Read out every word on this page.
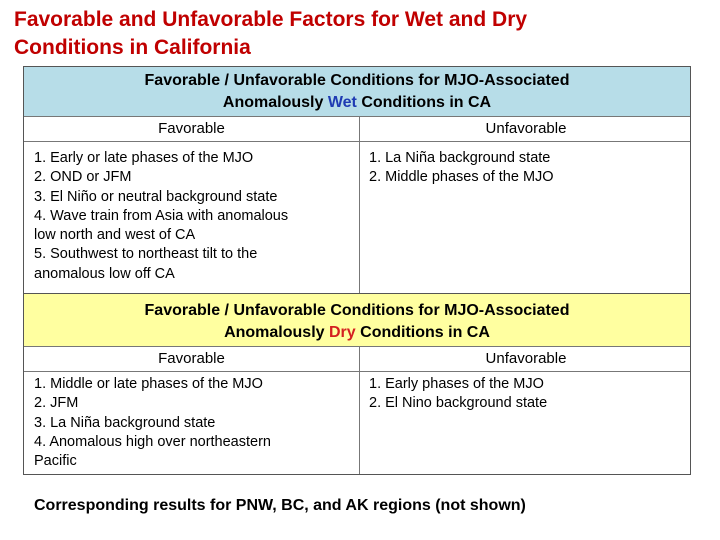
Favorable and Unfavorable Factors for Wet and Dry
Conditions in California
Favorable / Unfavorable Conditions for MJO-Associated
Anomalously Wet Conditions in CA
Favorable	Unfavorable
1. Early or late phases of the MJO
2. OND or JFM
3. El Niño or neutral background state
4. Wave train from Asia with anomalous
low north and west of CA
5. Southwest to northeast tilt to the
anomalous low off CA
1. La Niña background state
2. Middle phases of the MJO
Favorable / Unfavorable Conditions for MJO-Associated
Anomalously Dry Conditions in CA
Favorable	Unfavorable
1. Middle or late phases of the MJO
2. JFM
3. La Niña background state
4. Anomalous high over northeastern
Pacific
1. Early phases of the MJO
2. El Nino background state
Corresponding results for PNW, BC, and AK regions (not shown)
